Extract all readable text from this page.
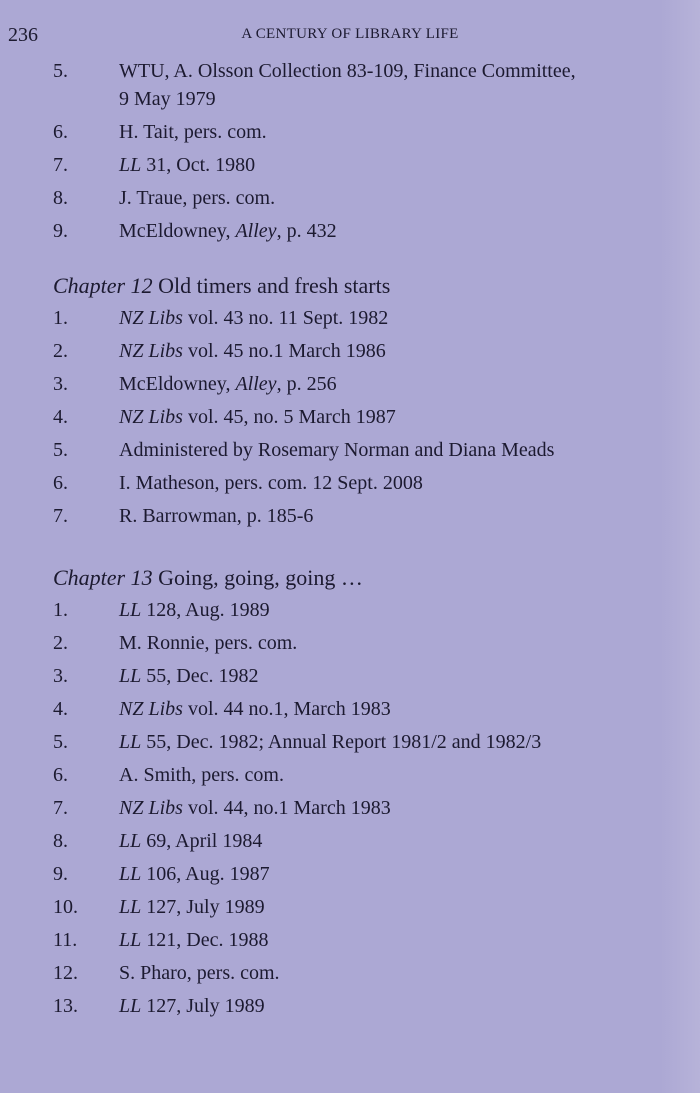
236	A CENTURY OF LIBRARY LIFE
5.	WTU, A. Olsson Collection 83-109, Finance Committee,
9 May 1979
6.	H. Tait, pers. com.
7.	LL 31, Oct. 1980
8.	J. Traue, pers. com.
9.	McEldowney, Alley, p. 432
Chapter 12 Old timers and fresh starts
1.	NZ Libs vol. 43 no. 11 Sept. 1982
2.	NZ Libs vol. 45 no.1 March 1986
3.	McEldowney, Alley, p. 256
4.	NZ Libs vol. 45, no. 5 March 1987
5.	Administered by Rosemary Norman and Diana Meads
6.	I. Matheson, pers. com. 12 Sept. 2008
7.	R. Barrowman, p. 185-6
Chapter 13 Going, going, going …
1.	LL 128, Aug. 1989
2.	M. Ronnie, pers. com.
3.	LL 55, Dec. 1982
4.	NZ Libs vol. 44 no.1, March 1983
5.	LL 55, Dec. 1982; Annual Report 1981/2 and 1982/3
6.	A. Smith, pers. com.
7.	NZ Libs vol. 44, no.1 March 1983
8.	LL 69, April 1984
9.	LL 106, Aug. 1987
10. LL 127, July 1989
11. LL 121, Dec. 1988
12. S. Pharo, pers. com.
13. LL 127, July 1989
